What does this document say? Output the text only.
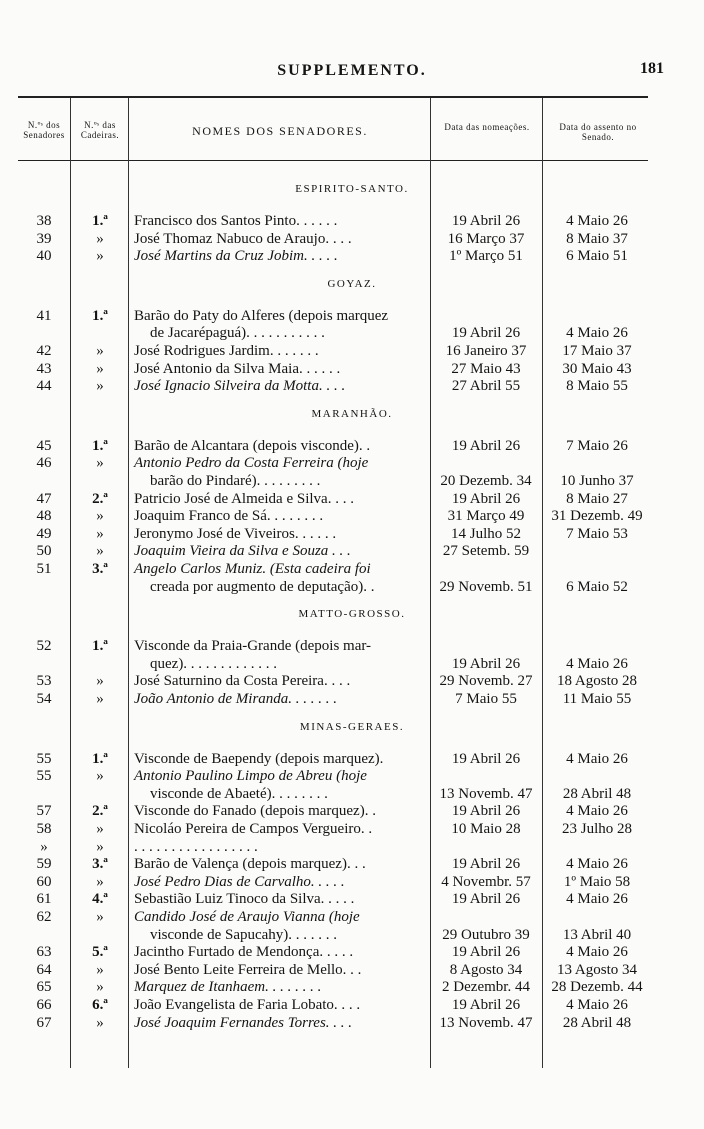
SUPPLEMENTO.	181
N.ºˢ dos Senadores
N.ºˢ das Cadeiras.	NOMES DOS SENADORES.	Data das nomeações.	Data do assento no Senado.
ESPIRITO-SANTO.
38	1.ª	Francisco dos Santos Pinto. . . . . .	19 Abril 26	4 Maio 26
39	»	José Thomaz Nabuco de Araujo. . . .	16 Março 37	8 Maio 37
40	»	José Martins da Cruz Jobim. . . . .	1º Março 51	6 Maio 51
GOYAZ.
41	1.ª	Barão do Paty do Alferes (depois marquez
de Jacarépaguá). . . . . . . . . . .	19 Abril 26	4 Maio 26
42	»	José Rodrigues Jardim. . . . . . .	16 Janeiro 37	17 Maio 37
43	»	José Antonio da Silva Maia. . . . . .	27 Maio 43	30 Maio 43
44	»	José Ignacio Silveira da Motta. . . .	27 Abril 55	8 Maio 55
MARANHÃO.
45	1.ª	Barão de Alcantara (depois visconde). .	19 Abril 26	7 Maio 26
46	»	Antonio Pedro da Costa Ferreira (hoje
barão do Pindaré). . . . . . . . .	20 Dezemb. 34	10 Junho 37
47	2.ª	Patricio José de Almeida e Silva. . . .	19 Abril 26	8 Maio 27
48	»	Joaquim Franco de Sá. . . . . . . .	31 Março 49	31 Dezemb. 49
49	»	Jeronymo José de Viveiros. . . . . .	14 Julho 52	7 Maio 53
50	»	Joaquim Vieira da Silva e Souza . . .	27 Setemb. 59
51	3.ª	Angelo Carlos Muniz. (Esta cadeira foi
creada por augmento de deputação). .	29 Novemb. 51	6 Maio 52
MATTO-GROSSO.
52	1.ª	Visconde da Praia-Grande (depois mar-
quez). . . . . . . . . . . . .	19 Abril 26	4 Maio 26
53	»	José Saturnino da Costa Pereira. . . .	29 Novemb. 27	18 Agosto 28
54	»	João Antonio de Miranda. . . . . . .	7 Maio 55	11 Maio 55
MINAS-GERAES.
55	1.ª	Visconde de Baependy (depois marquez).	19 Abril 26	4 Maio 26
55	»	Antonio Paulino Limpo de Abreu (hoje
visconde de Abaeté). . . . . . . .	13 Novemb. 47	28 Abril 48
57	2.ª	Visconde do Fanado (depois marquez). .	19 Abril 26	4 Maio 26
58	»	Nicoláo Pereira de Campos Vergueiro. .	10 Maio 28	23 Julho 28
»	»	. . . . . . . . . . . . . . . . .
59	3.ª	Barão de Valença (depois marquez). . .	19 Abril 26	4 Maio 26
60	»	José Pedro Dias de Carvalho. . . . .	4 Novembr. 57	1º Maio 58
61	4.ª	Sebastião Luiz Tinoco da Silva. . . . .	19 Abril 26	4 Maio 26
62	»	Candido José de Araujo Vianna (hoje
visconde de Sapucahy). . . . . . .	29 Outubro 39	13 Abril 40
63	5.ª	Jacintho Furtado de Mendonça. . . . .	19 Abril 26	4 Maio 26
64	»	José Bento Leite Ferreira de Mello. . .	8 Agosto 34	13 Agosto 34
65	»	Marquez de Itanhaem. . . . . . . .	2 Dezembr. 44	28 Dezemb. 44
66	6.ª	João Evangelista de Faria Lobato. . . .	19 Abril 26	4 Maio 26
67	»	José Joaquim Fernandes Torres. . . .	13 Novemb. 47	28 Abril 48
